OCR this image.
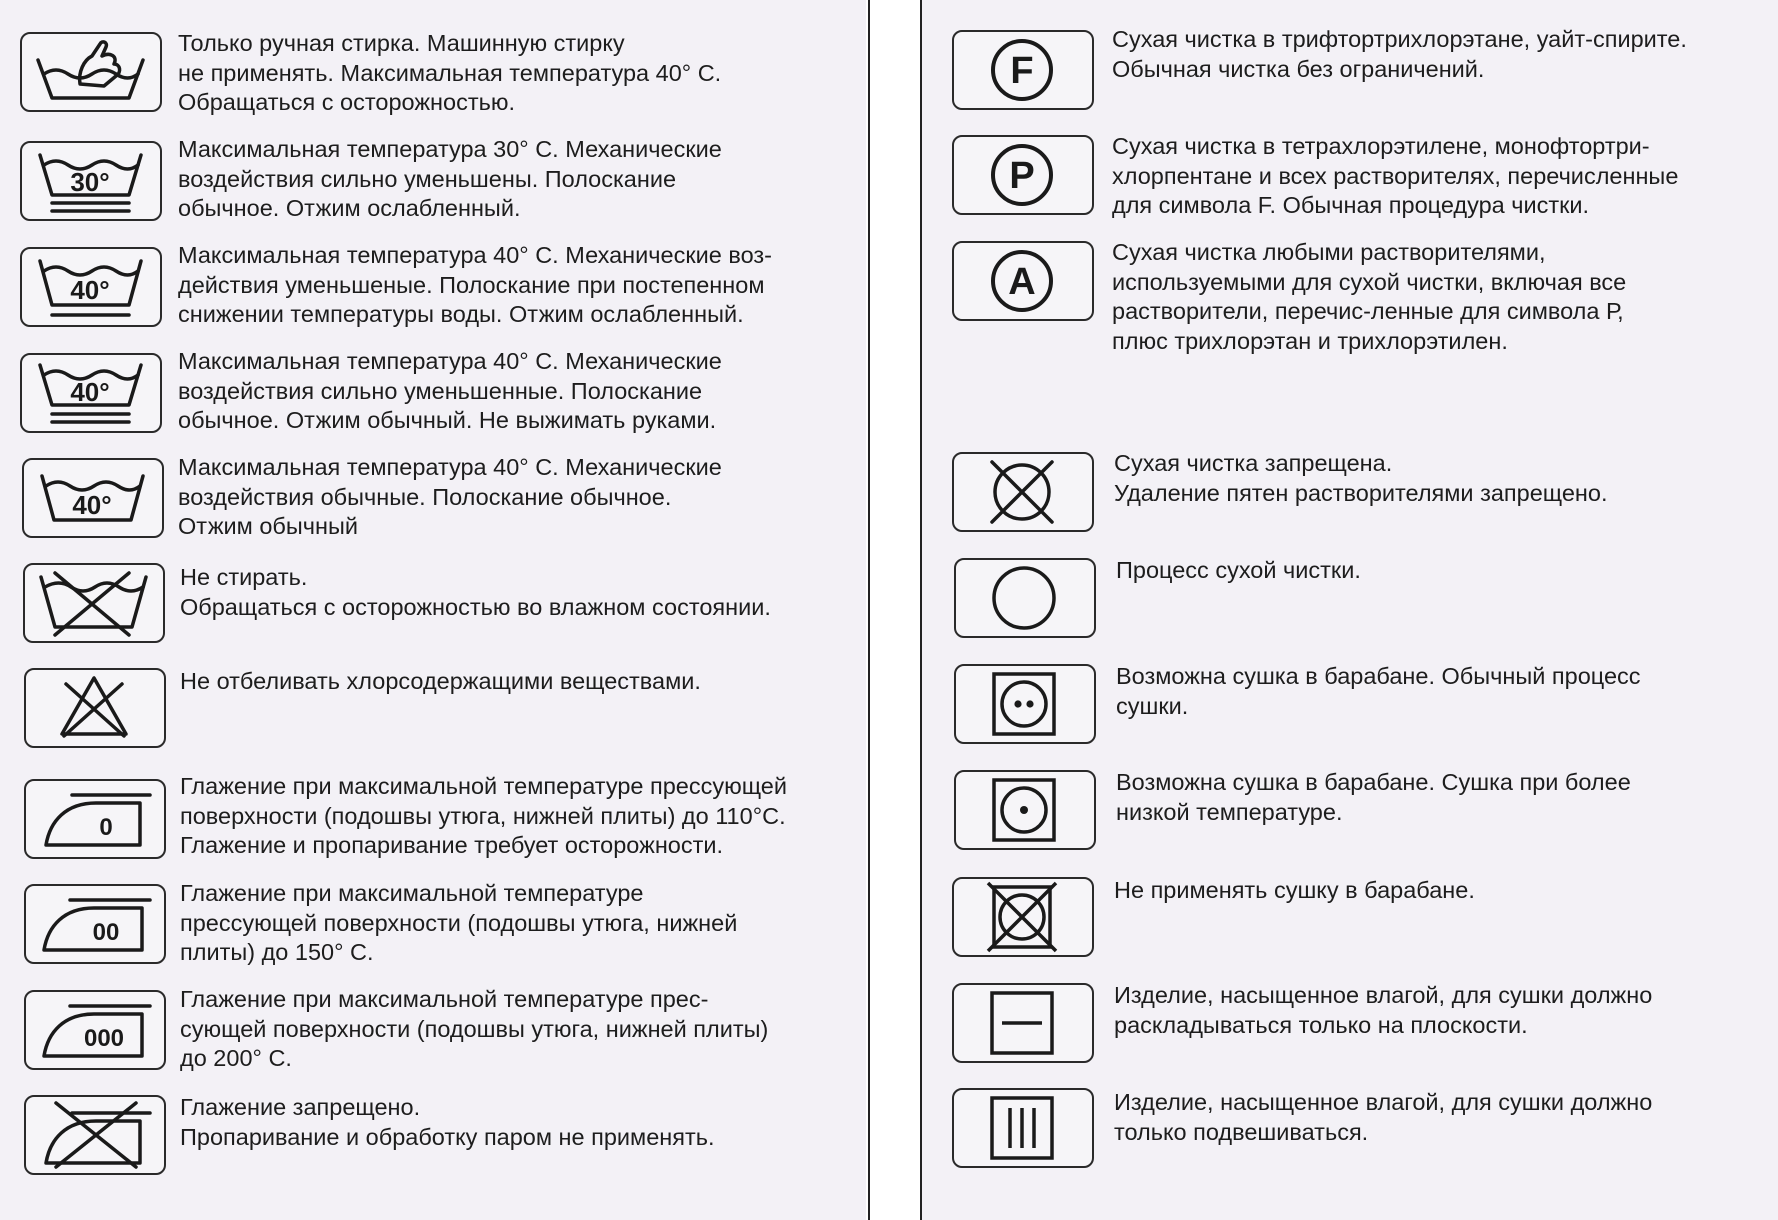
Только ручная стирка. Машинную стирку
не применять. Максимальная температура 40° С.
Обращаться с осторожностью.
30°
Максимальная температура 30° С. Механические
воздействия сильно уменьшены. Полоскание
обычное. Отжим ослабленный.
40°
Максимальная температура 40° С. Механические воз-
действия уменьшеные. Полоскание при постепенном
снижении температуры воды. Отжим ослабленный.
40°
Максимальная температура 40° С. Механические
воздействия сильно уменьшенные. Полоскание
обычное. Отжим обычный. Не выжимать руками.
40°
Максимальная температура 40° С. Механические
воздействия обычные. Полоскание обычное.
Отжим обычный
Не стирать.
Обращаться с осторожностью во влажном состоянии.
Не отбеливать хлорсодержащими веществами.
0
Глажение при максимальной температуре прессующей
поверхности (подошвы утюга, нижней плиты) до 110°С.
Глажение и пропаривание требует осторожности.
00
Глажение при максимальной температуре
прессующей поверхности (подошвы утюга, нижней
плиты) до 150° С.
000
Глажение при максимальной температуре прес-
сующей поверхности (подошвы утюга, нижней плиты)
до 200° С.
Глажение запрещено.
Пропаривание и обработку паром не применять.
F
Сухая чистка в трифтортрихлорэтане, уайт-спирите.
Обычная чистка без ограничений.
P
Сухая чистка в тетрахлорэтилене, монофтортри-
хлорпентане и всех растворителях, перечисленные
для символа F. Обычная процедура чистки.
A
Сухая чистка любыми растворителями,
используемыми для сухой чистки, включая все
растворители, перечис-ленные для символа Р,
плюс трихлорэтан и трихлорэтилен.
Сухая чистка запрещена.
Удаление пятен растворителями запрещено.
Процесс сухой чистки.
Возможна сушка в барабане. Обычный процесс
сушки.
Возможна сушка в барабане. Сушка при более
низкой температуре.
Не применять сушку в барабане.
Изделие, насыщенное влагой, для сушки должно
раскладываться только на плоскости.
Изделие, насыщенное влагой, для сушки должно
только подвешиваться.
